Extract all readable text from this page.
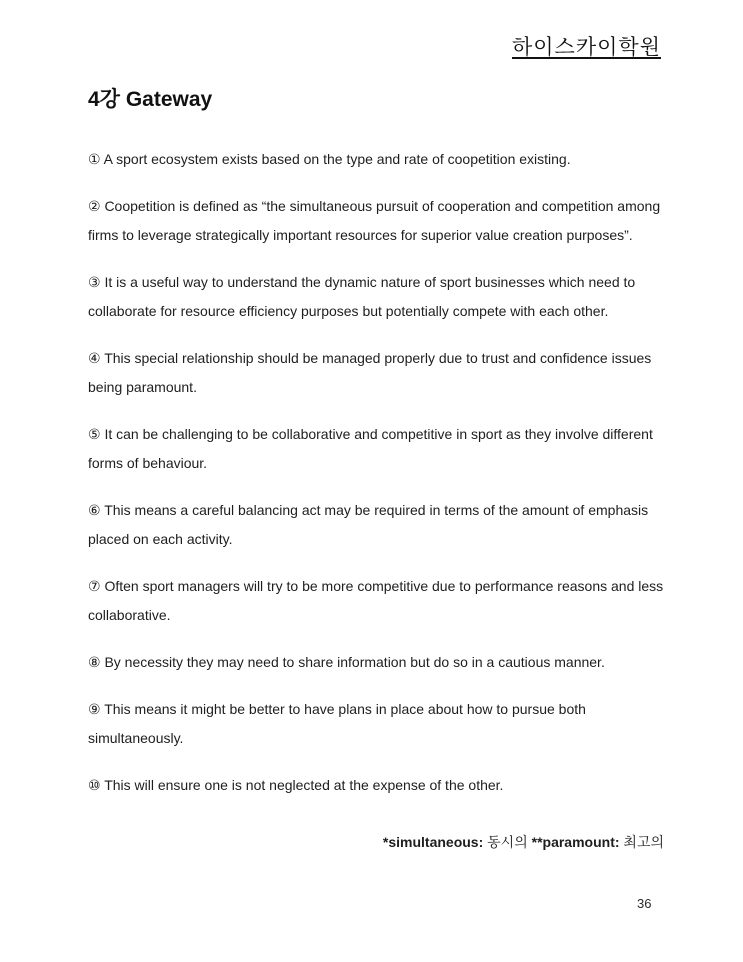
하이스카이학원
4강 Gateway

① A sport ecosystem exists based on the type and rate of coopetition existing.

② Coopetition is defined as “the simultaneous pursuit of cooperation and competition among
firms to leverage strategically important resources for superior value creation purposes”.

③ It is a useful way to understand the dynamic nature of sport businesses which need to
collaborate for resource efficiency purposes but potentially compete with each other.

④ This special relationship should be managed properly due to trust and confidence issues
being paramount.

⑤ It can be challenging to be collaborative and competitive in sport as they involve different
forms of behaviour.

⑥ This means a careful balancing act may be required in terms of the amount of emphasis
placed on each activity.

⑦ Often sport managers will try to be more competitive due to performance reasons and less
collaborative.

⑧ By necessity they may need to share information but do so in a cautious manner.

⑨ This means it might be better to have plans in place about how to pursue both
simultaneously.

⑩ This will ensure one is not neglected at the expense of the other.

*simultaneous: 동시의 **paramount: 최고의
36
